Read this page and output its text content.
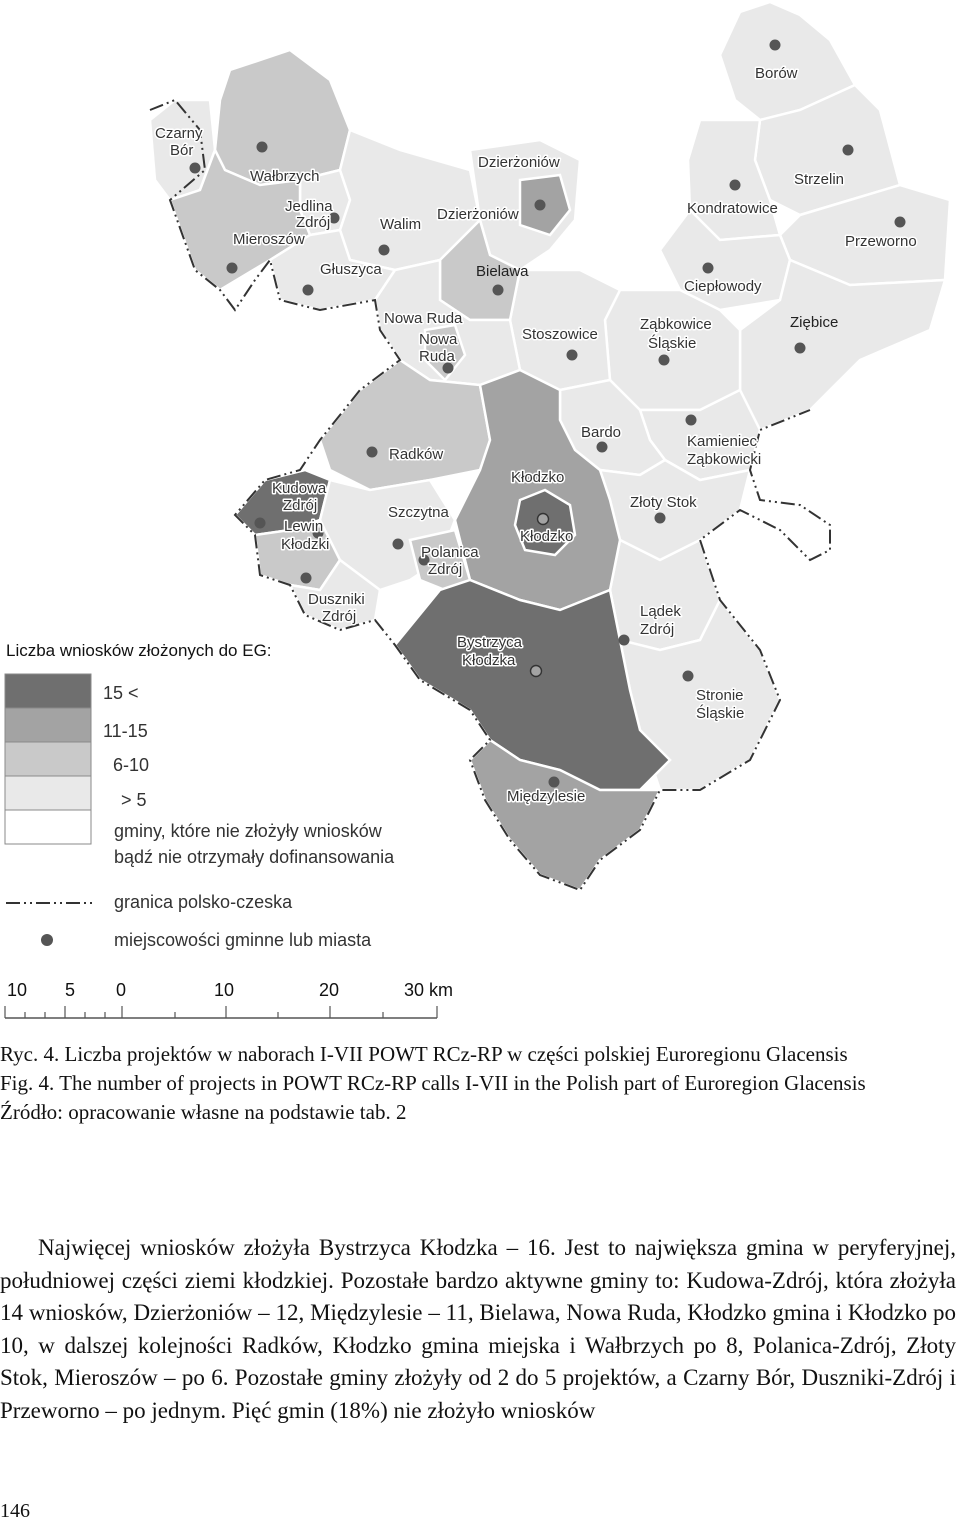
Borów
Czarny Bór
Dzierżoniów
Wałbrzych	Strzelin
Jedlina Zdrój
Kondratowice
Dzierżoniów
Walim
Mieroszów	Przeworno
Głuszyca	Bielawa
Ciepłowody
Nowa Ruda	Ziębice
Ząbkowice Śląskie
Stoszowice
Nowa Ruda
Bardo
Kamieniec Ząbkowicki
Radków
Kłodzko
Kudowa Zdrój	Złoty Stok
Szczytna
Lewin Kłodzki	Kłodzko
Polanica Zdrój
Duszniki Zdrój	Lądek Zdrój
Bystrzyca Kłodzka
Stronie Śląskie
Międzylesie
Liczba wniosków złożonych do EG:
15 <
11-15
6-10
> 5
gminy, które nie złożyły wniosków
bądź nie otrzymały dofinansowania
granica polsko-czeska
miejscowości gminne lub miasta
10 5 0	10	20	30 km

Ryc. 4. Liczba projektów w naborach I-VII POWT RCz-RP w części polskiej Euroregionu Glacensis

Fig. 4. The number of projects in POWT RCz-RP calls I-VII in the Polish part of Euroregion Glacensis

Źródło: opracowanie własne na podstawie tab. 2

Najwięcej wniosków złożyła Bystrzyca Kłodzka – 16. Jest to największa gmina w peryferyjnej, południowej części ziemi kłodzkiej. Pozostałe bardzo aktywne gminy to: Kudowa-Zdrój, która złożyła 14 wniosków, Dzierżoniów – 12, Międzylesie – 11, Bielawa, Nowa Ruda, Kłodzko gmina i Kłodzko po 10, w dalszej kolejności Radków, Kłodzko gmina miejska i Wałbrzych po 8, Polanica-Zdrój, Złoty Stok, Mieroszów – po 6. Pozostałe gminy złożyły od 2 do 5 projektów, a Czarny Bór, Duszniki-Zdrój i Przeworno – po jednym. Pięć gmin (18%) nie złożyło wniosków

146
